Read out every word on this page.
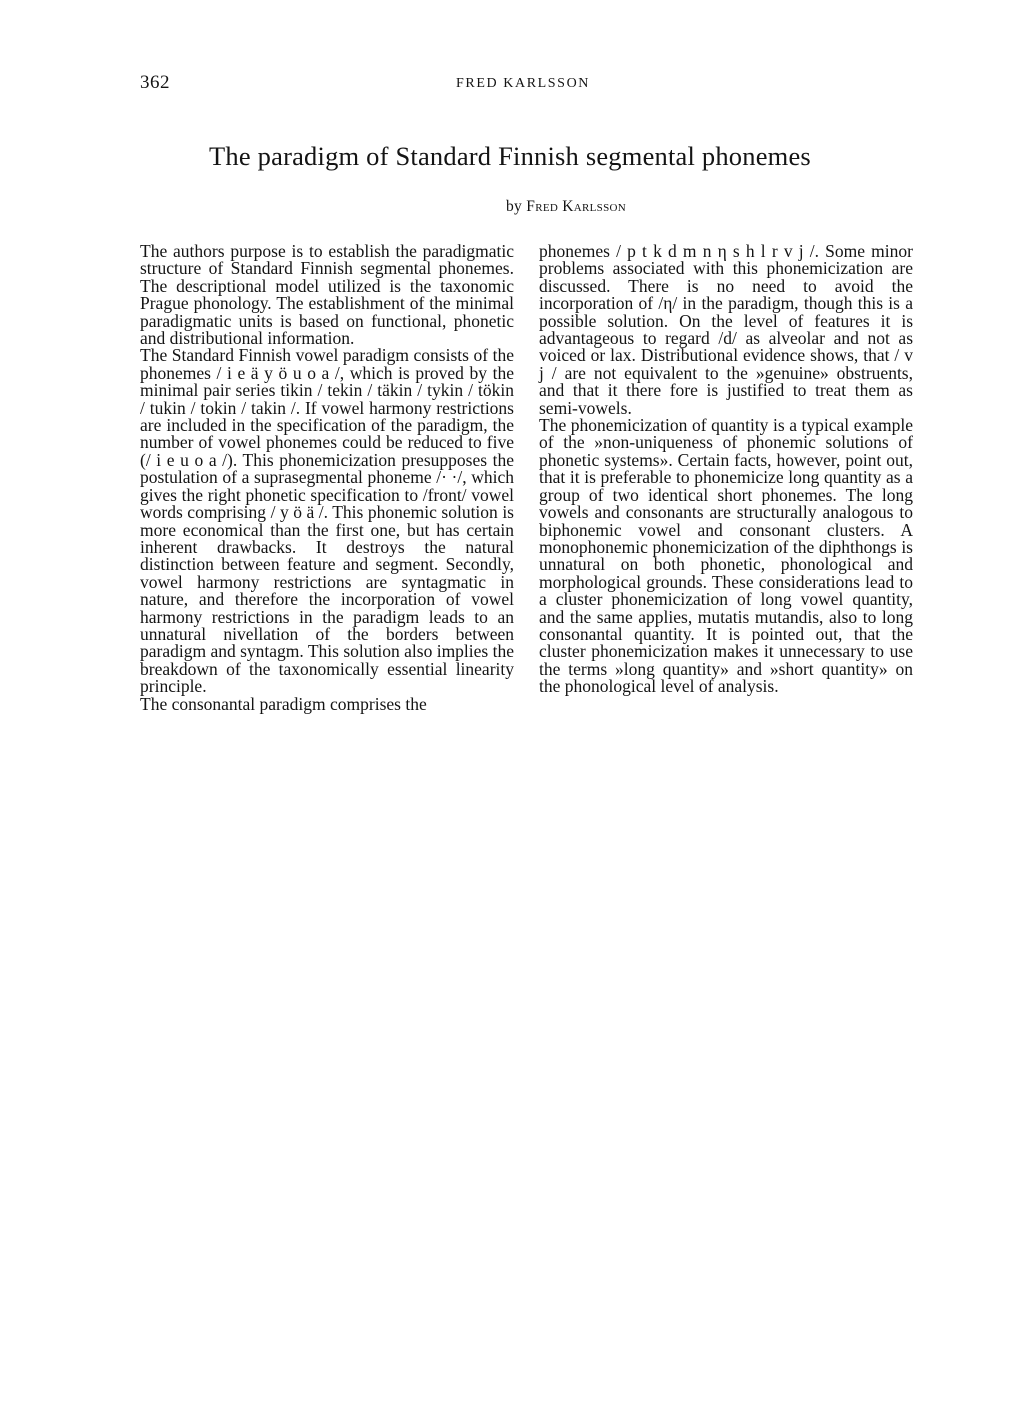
362	FRED KARLSSON
The paradigm of Standard Finnish segmental phonemes
by Fred Karlsson

The authors purpose is to establish the paradigmatic structure of Standard Finnish segmental phonemes. The descriptional model utilized is the taxonomic Prague phonology. The establishment of the minimal paradigmatic units is based on functional, phonetic and distributional information.

The Standard Finnish vowel paradigm consists of the phonemes / i e ä y ö u o a /, which is proved by the minimal pair series tikin / tekin / täkin / tykin / tökin / tukin / tokin / takin /. If vowel harmony restrictions are included in the specification of the paradigm, the number of vowel phonemes could be reduced to five (/ i e u o a /). This phonemicization presupposes the postulation of a suprasegmental phoneme /· ·/, which gives the right phonetic specification to /front/ vowel words comprising / y ö ä /. This phonemic solution is more economical than the first one, but has certain inherent drawbacks. It destroys the natural distinction between feature and segment. Secondly, vowel harmony restrictions are syntagmatic in nature, and therefore the incorporation of vowel harmony restrictions in the paradigm leads to an unnatural nivellation of the borders between paradigm and syntagm. This solution also implies the breakdown of the taxonomically essential linearity principle.

The consonantal paradigm comprises the

phonemes / p t k d m n η s h l r v j /. Some minor problems associated with this phonemicization are discussed. There is no need to avoid the incorporation of /η/ in the paradigm, though this is a possible solution. On the level of features it is advantageous to regard /d/ as alveolar and not as voiced or lax. Distributional evidence shows, that / v j / are not equivalent to the »genuine» obstruents, and that it there fore is justified to treat them as semi-vowels.

The phonemicization of quantity is a typical example of the »non-uniqueness of phonemic solutions of phonetic systems». Certain facts, however, point out, that it is preferable to phonemicize long quantity as a group of two identical short phonemes. The long vowels and consonants are structurally analogous to biphonemic vowel and consonant clusters. A monophonemic phonemicization of the diphthongs is unnatural on both phonetic, phonological and morphological grounds. These considerations lead to a cluster phonemicization of long vowel quantity, and the same applies, mutatis mutandis, also to long consonantal quantity. It is pointed out, that the cluster phonemicization makes it unnecessary to use the terms »long quantity» and »short quantity» on the phonological level of analysis.
